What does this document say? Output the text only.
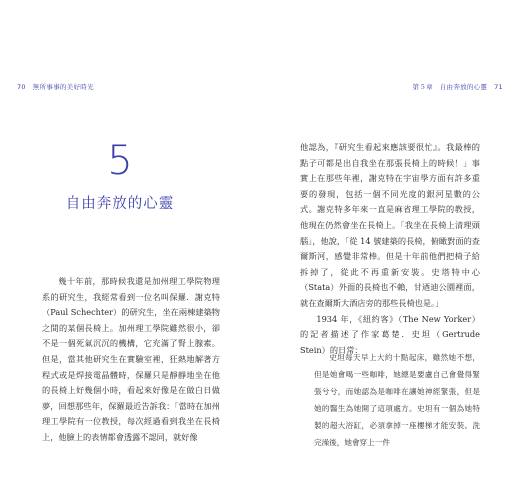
70　無所事事的美好時光
5
自由奔放的心靈

幾十年前，那時候我還是加州理工學院物理系的研究生，我經常看到一位名叫保羅．謝克特（Paul Schechter）的研究生，坐在兩棟建築物之間的某個長椅上。加州理工學院雖然很小，卻不是一個死氣沉沉的機構，它充滿了腎上腺素。但是，當其他研究生在實驗室裡，狂熱地解著方程式或是焊接電晶體時，保羅只是靜靜地坐在他的長椅上好幾個小時，看起來好像是在做白日做夢，回想那些年，保羅最近告訴我：「當時在加州理工學院有一位教授，每次經過看到我坐在長椅上，他臉上的表情都會透露不認同，就好像

第５章　自由奔放的心靈　71

他認為，『研究生看起來應該要很忙』。我最棒的點子可都是出自我坐在那張長椅上的時候！」事實上在那些年裡，謝克特在宇宙學方面有許多重要的發現，包括一個不同光度的銀河星數的公式。謝克特多年來一直是麻省理工學院的教授，他現在仍然會坐在長椅上。「我坐在長椅上清理頭腦」，他說，「從 14 號建築的長椅，俯瞰對面的查爾斯河，感覺非常棒。但是十年前他們把椅子給拆掉了，從此不再重新安裝。史塔特中心（Stata）外面的長椅也不賴，甘迺迪公園裡面，就在查爾斯大酒店旁的那些長椅也是。」

1934 年，《紐約客》（The New Yorker）的記者描述了作家葛楚．史坦（Gertrude Stein）的日常：

史坦每天早上大約十點起床，雖然她不想，但是她會喝一些咖啡，她總是要盧自己會覺得緊張兮兮，而她認為是咖啡在讓她神經緊張，但是她的醫生為她開了這項處方。史坦有一個為她特製的超大浴缸，必須拿掉一座樓梯才能安裝。洗完澡後，她會穿上一件
